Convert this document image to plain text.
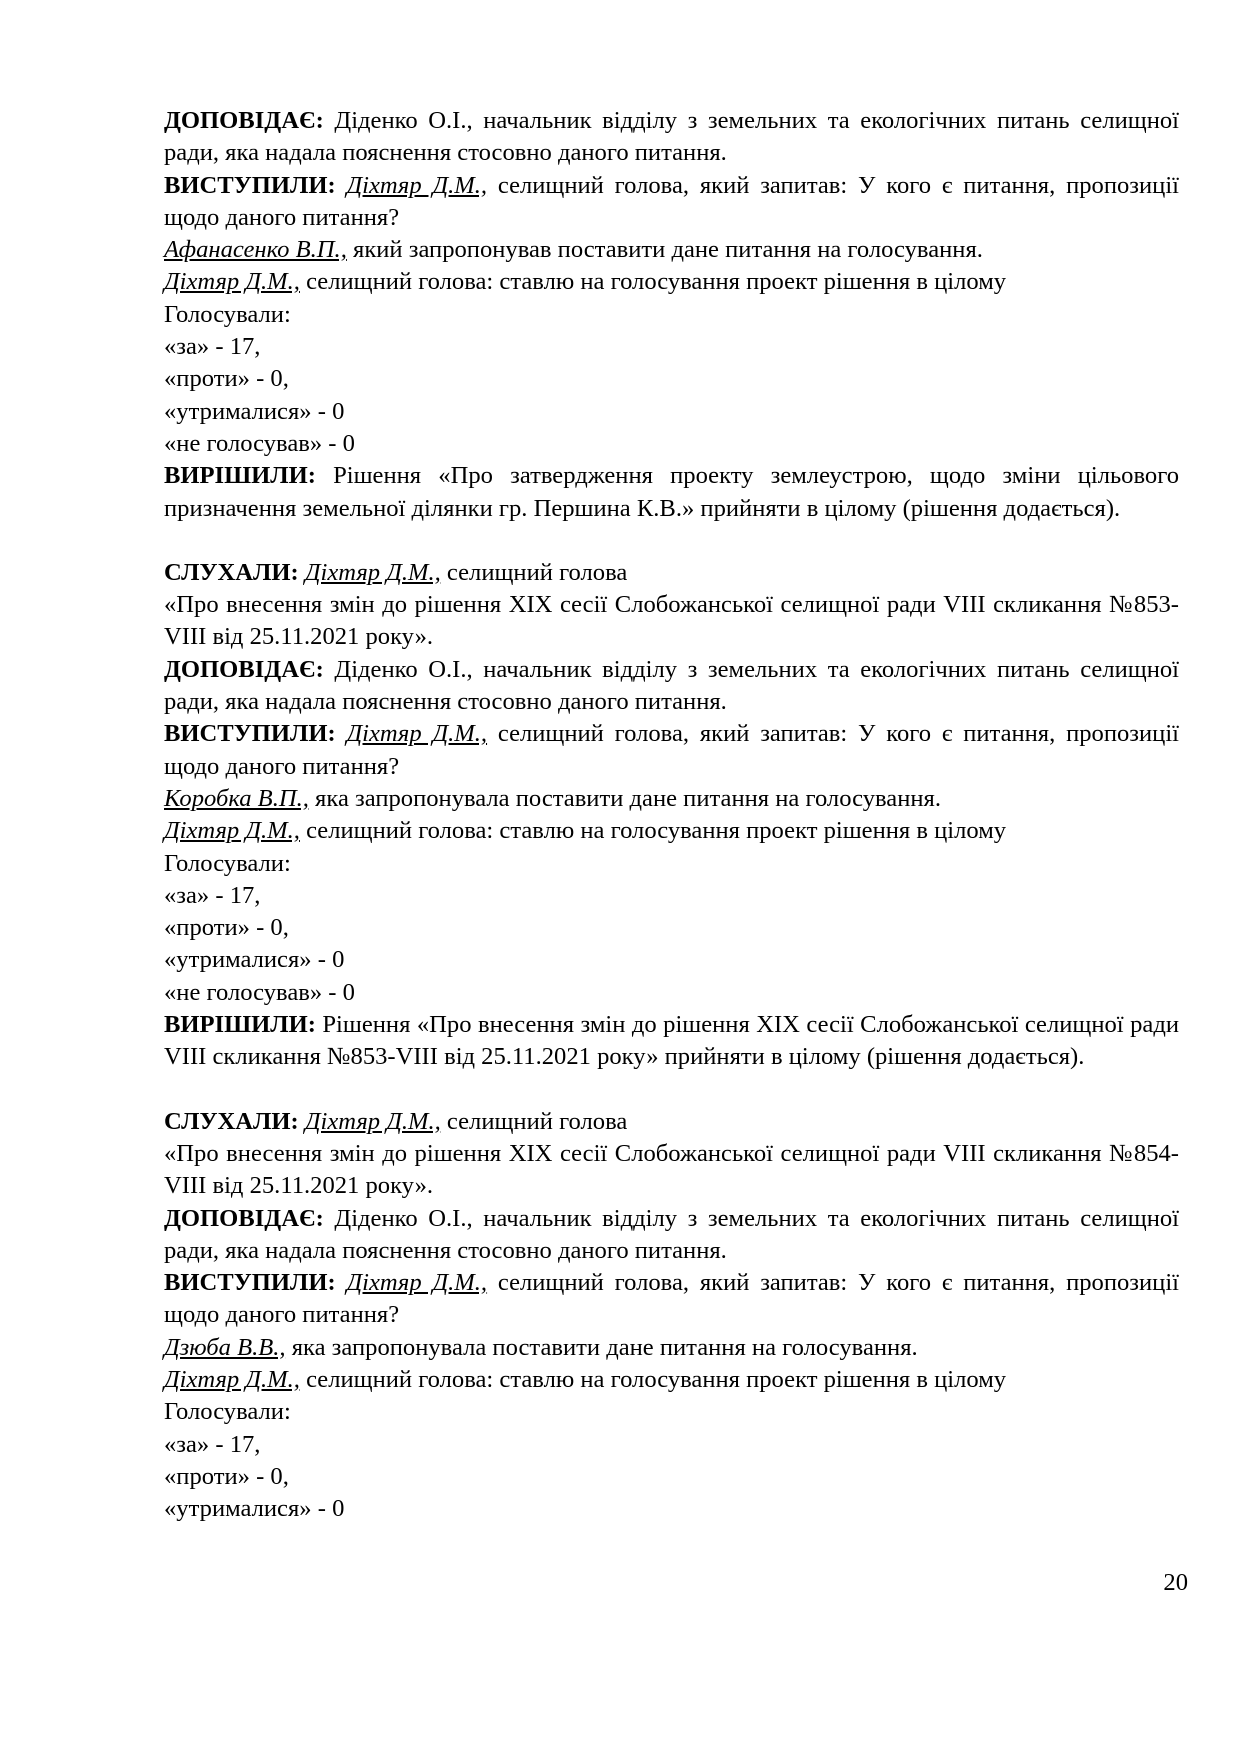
ДОПОВІДАЄ: Діденко О.І., начальник відділу з земельних та екологічних питань селищної ради, яка надала пояснення стосовно даного питання.

ВИСТУПИЛИ: Діхтяр Д.М., селищний голова, який запитав: У кого є питання, пропозиції щодо даного питання?

Афанасенко В.П., який запропонував поставити дане питання на голосування.

Діхтяр Д.М., селищний голова: ставлю на голосування проект рішення в цілому

Голосували:

«за» - 17,

«проти» - 0,

«утрималися» - 0

«не голосував» - 0

ВИРІШИЛИ: Рішення «Про затвердження проекту землеустрою, щодо зміни цільового призначення земельної ділянки гр. Першина К.В.» прийняти в цілому (рішення додається).

СЛУХАЛИ: Діхтяр Д.М., селищний голова

«Про внесення змін до рішення XIX сесії Слобожанської селищної ради VIII скликання №853-VIII від 25.11.2021 року».

ДОПОВІДАЄ: Діденко О.І., начальник відділу з земельних та екологічних питань селищної ради, яка надала пояснення стосовно даного питання.

ВИСТУПИЛИ: Діхтяр Д.М., селищний голова, який запитав: У кого є питання, пропозиції щодо даного питання?

Коробка В.П., яка запропонувала поставити дане питання на голосування.

Діхтяр Д.М., селищний голова: ставлю на голосування проект рішення в цілому

Голосували:

«за» - 17,

«проти» - 0,

«утрималися» - 0

«не голосував» - 0

ВИРІШИЛИ: Рішення «Про внесення змін до рішення XIX сесії Слобожанської селищної ради VIII скликання №853-VIII від 25.11.2021 року» прийняти в цілому (рішення додається).

СЛУХАЛИ: Діхтяр Д.М., селищний голова

«Про внесення змін до рішення XIX сесії Слобожанської селищної ради VIII скликання №854-VIII від 25.11.2021 року».

ДОПОВІДАЄ: Діденко О.І., начальник відділу з земельних та екологічних питань селищної ради, яка надала пояснення стосовно даного питання.

ВИСТУПИЛИ: Діхтяр Д.М., селищний голова, який запитав: У кого є питання, пропозиції щодо даного питання?

Дзюба В.В., яка запропонувала поставити дане питання на голосування.

Діхтяр Д.М., селищний голова: ставлю на голосування проект рішення в цілому

Голосували:

«за» - 17,

«проти» - 0,

«утрималися» - 0

20
